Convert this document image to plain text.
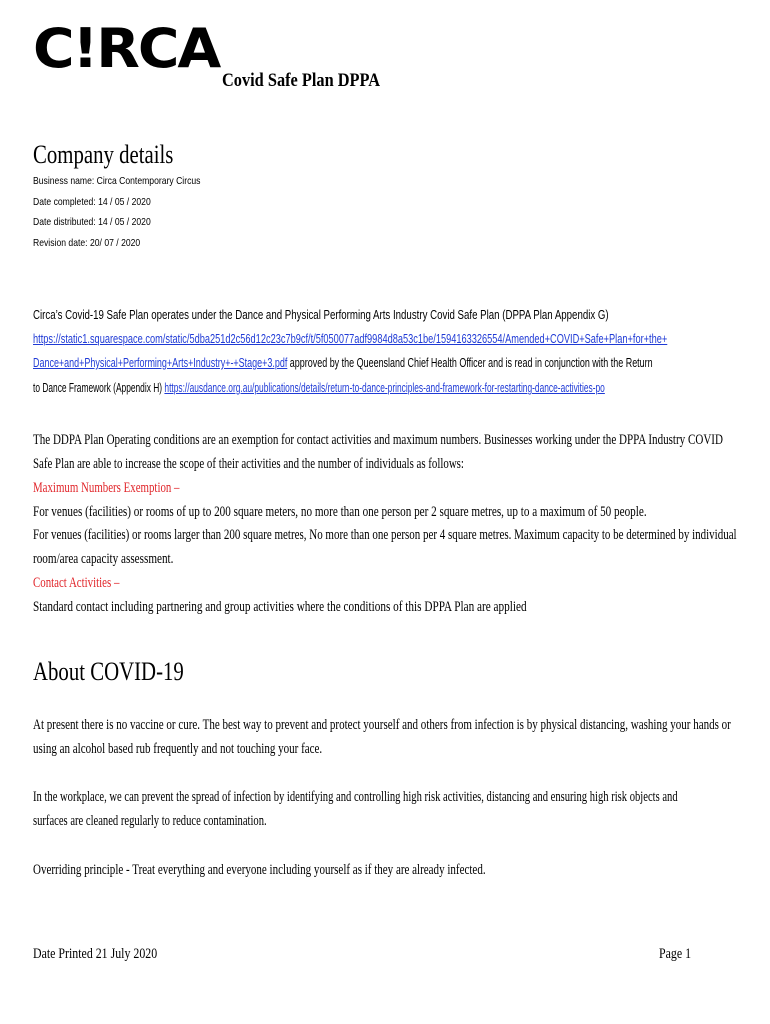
C!RCA
Covid Safe Plan DPPA
Company details
Business name: Circa Contemporary Circus
Date completed: 14 / 05 / 2020
Date distributed: 14 / 05 / 2020
Revision date: 20/ 07 / 2020
Circa’s Covid-19 Safe Plan operates under the Dance and Physical Performing Arts Industry Covid Safe Plan (DPPA Plan Appendix G)
https://static1.squarespace.com/static/5dba251d2c56d12c23c7b9cf/t/5f050077adf9984d8a53c1be/1594163326554/Amended+COVID+Safe+Plan+for+the+
Dance+and+Physical+Performing+Arts+Industry+-+Stage+3.pdf approved by the Queensland Chief Health Officer and is read in conjunction with the Return
to Dance Framework (Appendix H) https://ausdance.org.au/publications/details/return-to-dance-principles-and-framework-for-restarting-dance-activities-po
The DDPA Plan Operating conditions are an exemption for contact activities and maximum numbers. Businesses working under the DPPA Industry COVID
Safe Plan are able to increase the scope of their activities and the number of individuals as follows:
Maximum Numbers Exemption –
For venues (facilities) or rooms of up to 200 square meters, no more than one person per 2 square metres, up to a maximum of 50 people.
For venues (facilities) or rooms larger than 200 square metres, No more than one person per 4 square metres. Maximum capacity to be determined by individual
room/area capacity assessment.
Contact Activities –
Standard contact including partnering and group activities where the conditions of this DPPA Plan are applied
About COVID-19
At present there is no vaccine or cure. The best way to prevent and protect yourself and others from infection is by physical distancing, washing your hands or
using an alcohol based rub frequently and not touching your face.
In the workplace, we can prevent the spread of infection by identifying and controlling high risk activities, distancing and ensuring high risk objects and
surfaces are cleaned regularly to reduce contamination.
Overriding principle - Treat everything and everyone including yourself as if they are already infected.
Date Printed 21 July 2020	Page 1
